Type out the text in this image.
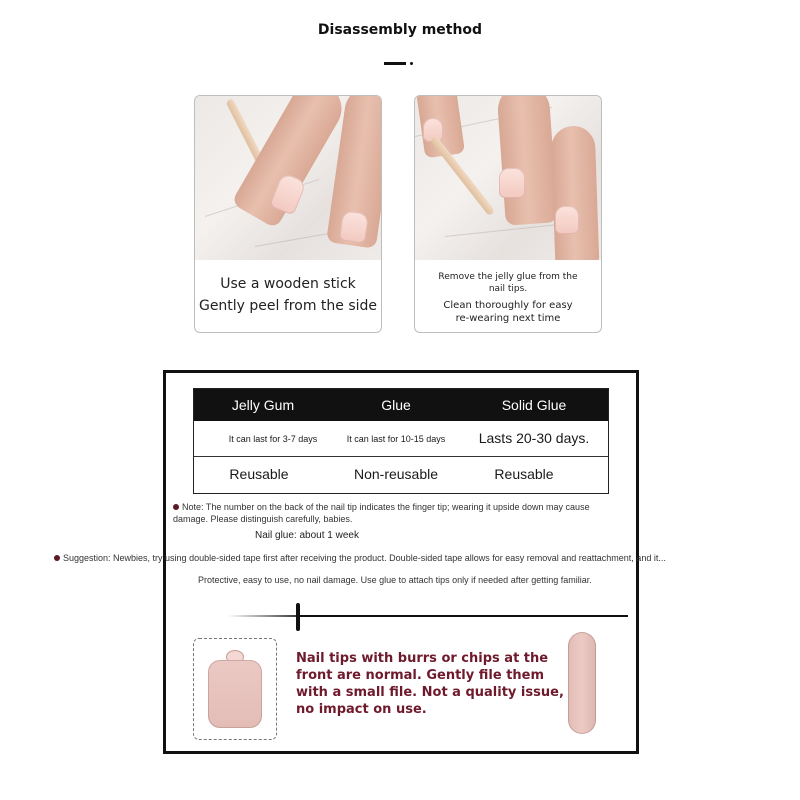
Disassembly method
Use a wooden stick
Gently peel from the side
Remove the jelly glue from the nail tips.
Clean thoroughly for easy re-wearing next time
Jelly Gum	Glue	Solid Glue
It can last for 3-7 days	It can last for 10-15 days	Lasts 20-30 days.
Reusable	Non-reusable	Reusable
Note: The number on the back of the nail tip indicates the finger tip; wearing it upside down may cause damage. Please distinguish carefully, babies.
Nail glue: about 1 week
Suggestion: Newbies, try using double-sided tape first after receiving the product. Double-sided tape allows for easy removal and reattachment, and it...
Protective, easy to use, no nail damage. Use glue to attach tips only if needed after getting familiar.
Nail tips with burrs or chips at the front are normal. Gently file them with a small file. Not a quality issue, no impact on use.
